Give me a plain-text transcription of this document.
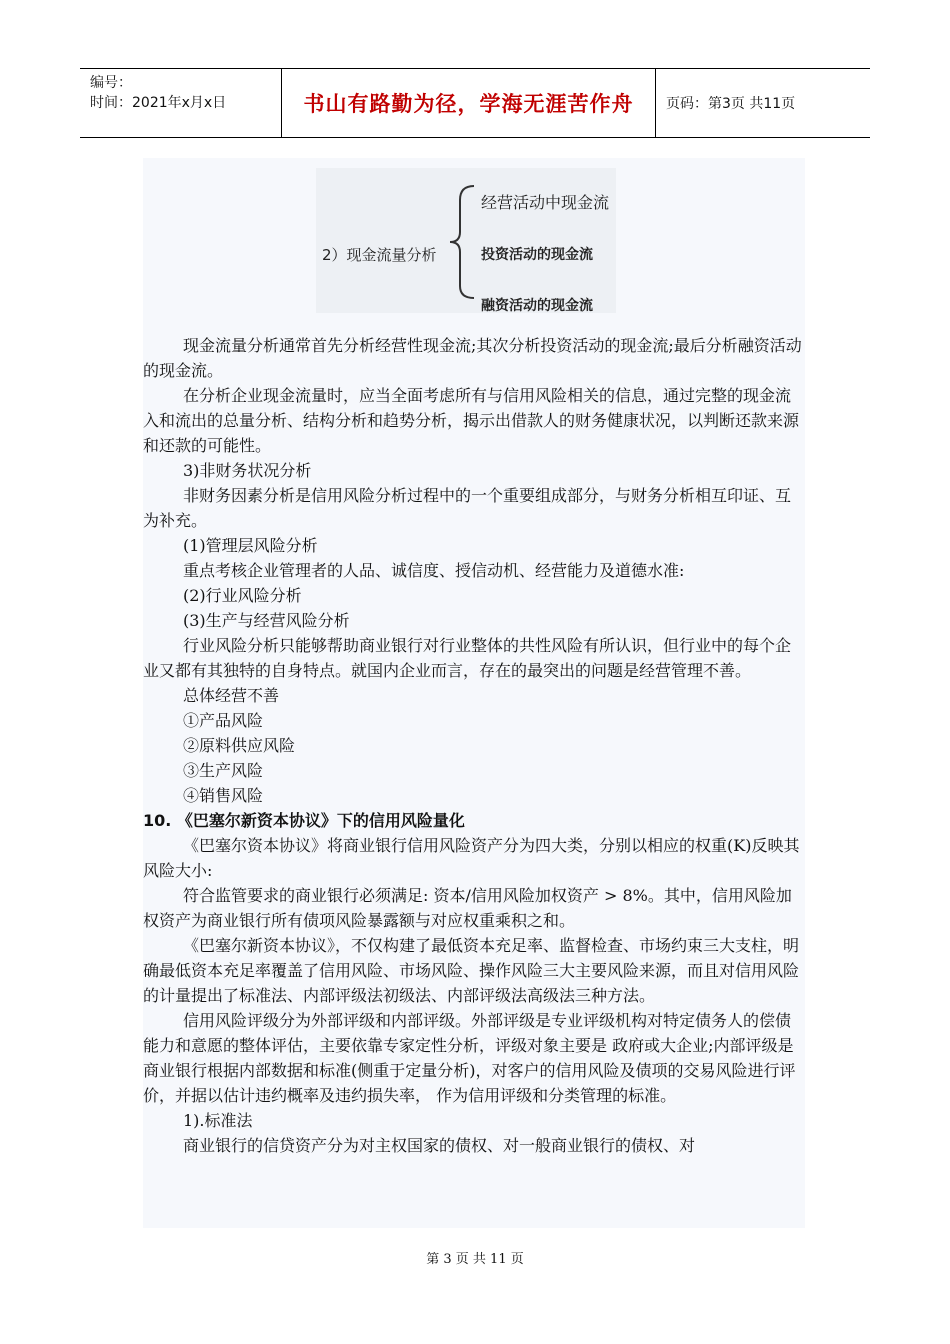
编号：
时间：2021年x月x日	书山有路勤为径，学海无涯苦作舟	页码：第3页 共11页
2）现金流量分析
经营活动中现金流
投资活动的现金流
融资活动的现金流

现金流量分析通常首先分析经营性现金流;其次分析投资活动的现金流;最后分析融资活动的现金流。

在分析企业现金流量时，应当全面考虑所有与信用风险相关的信息，通过完整的现金流入和流出的总量分析、结构分析和趋势分析，揭示出借款人的财务健康状况，以判断还款来源和还款的可能性。

3)非财务状况分析

非财务因素分析是信用风险分析过程中的一个重要组成部分，与财务分析相互印证、互为补充。

(1)管理层风险分析

重点考核企业管理者的人品、诚信度、授信动机、经营能力及道德水准:

(2)行业风险分析

(3)生产与经营风险分析

行业风险分析只能够帮助商业银行对行业整体的共性风险有所认识，但行业中的每个企业又都有其独特的自身特点。就国内企业而言，存在的最突出的问题是经营管理不善。

总体经营不善

①产品风险

②原料供应风险

③生产风险

④销售风险

10. 《巴塞尔新资本协议》下的信用风险量化

《巴塞尔资本协议》将商业银行信用风险资产分为四大类，分别以相应的权重(K)反映其风险大小:

符合监管要求的商业银行必须满足: 资本/信用风险加权资产 > 8%。其中，信用风险加权资产为商业银行所有债项风险暴露额与对应权重乘积之和。

《巴塞尔新资本协议》，不仅构建了最低资本充足率、监督检查、市场约束三大支柱，明确最低资本充足率覆盖了信用风险、市场风险、操作风险三大主要风险来源，而且对信用风险的计量提出了标准法、内部评级法初级法、内部评级法高级法三种方法。

信用风险评级分为外部评级和内部评级。外部评级是专业评级机构对特定债务人的偿债能力和意愿的整体评估，主要依靠专家定性分析，评级对象主要是 政府或大企业;内部评级是商业银行根据内部数据和标准(侧重于定量分析)，对客户的信用风险及债项的交易风险进行评价，并据以估计违约概率及违约损失率， 作为信用评级和分类管理的标准。

1).标准法

商业银行的信贷资产分为对主权国家的债权、对一般商业银行的债权、对

第 3 页 共 11 页
